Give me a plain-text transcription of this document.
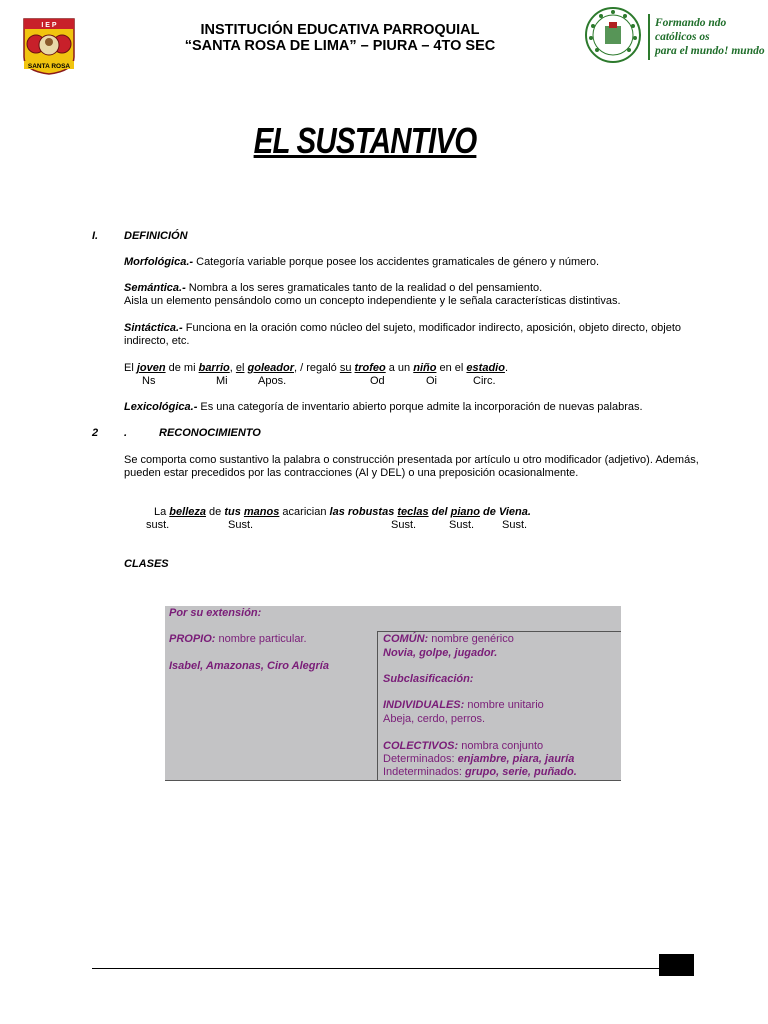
I E P
SANTA ROSA
INSTITUCIÓN EDUCATIVA PARROQUIAL
“SANTA ROSA DE LIMA” – PIURA – 4TO SEC
Formando ndo
católicos os
para el mundo! mundo
EL SUSTANTIVO
I. DEFINICIÓN
Morfológica.- Categoría variable porque posee los accidentes gramaticales de género y número.
Semántica.- Nombra a los seres gramaticales tanto de la realidad o del pensamiento.
Aisla un elemento pensándolo como un concepto independiente y le señala características distintivas.
Sintáctica.- Funciona en la oración como núcleo del sujeto, modificador indirecto, aposición, objeto directo, objeto
indirecto, etc.
El joven de mi barrio, el goleador, / regaló su trofeo a un niño en el estadio.
Ns	Mi	Apos.	Od	Oi	Circ.
Lexicológica.- Es una categoría de inventario abierto porque admite la incorporación de nuevas palabras.
2 .	RECONOCIMIENTO
Se comporta como sustantivo la palabra o construcción presentada por artículo u otro modificador (adjetivo). Además,
pueden estar precedidos por las contracciones (Al y DEL) o una preposición ocasionalmente.
La belleza de tus manos acarician las robustas teclas del piano de Viena.
sust.	Sust.	Sust.	Sust.	Sust.
CLASES
Por su extensión:
PROPIO: nombre particular.
Isabel, Amazonas, Ciro Alegría
COMÚN: nombre genérico
Novia, golpe, jugador.
Subclasificación:
INDIVIDUALES: nombre unitario
Abeja, cerdo, perros.
COLECTIVOS: nombra conjunto
Determinados: enjambre, piara, jauría
Indeterminados: grupo, serie, puñado.
